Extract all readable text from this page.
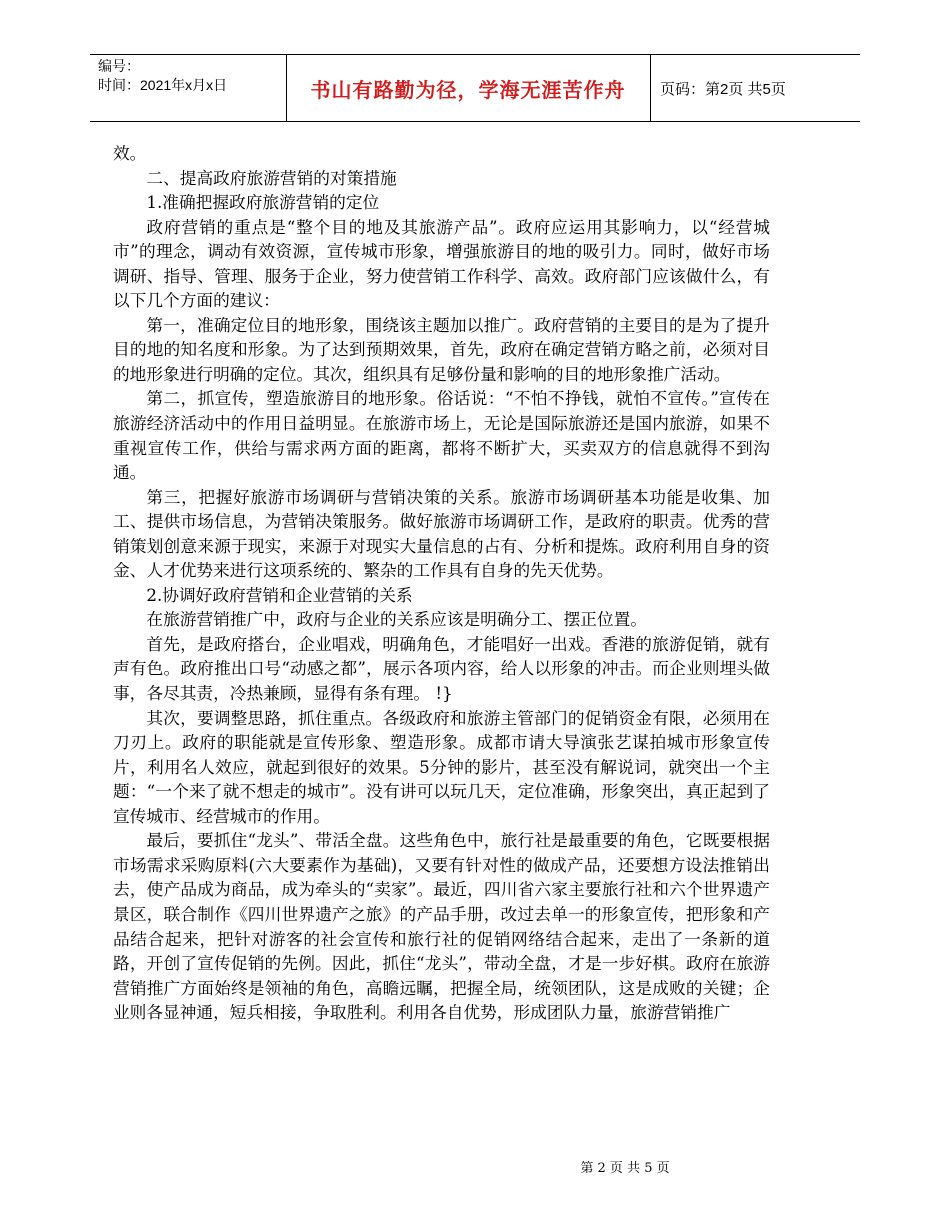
编号：
时间：2021年x月x日	书山有路勤为径，学海无涯苦作舟	页码：第2页 共5页

效。

二、提高政府旅游营销的对策措施

1.准确把握政府旅游营销的定位

政府营销的重点是“整个目的地及其旅游产品”。政府应运用其影响力，以“经营城市”的理念，调动有效资源，宣传城市形象，增强旅游目的地的吸引力。同时，做好市场调研、指导、管理、服务于企业，努力使营销工作科学、高效。政府部门应该做什么，有以下几个方面的建议：

第一，准确定位目的地形象，围绕该主题加以推广。政府营销的主要目的是为了提升目的地的知名度和形象。为了达到预期效果，首先，政府在确定营销方略之前，必须对目的地形象进行明确的定位。其次，组织具有足够份量和影响的目的地形象推广活动。

第二，抓宣传，塑造旅游目的地形象。俗话说：“不怕不挣钱，就怕不宣传。”宣传在旅游经济活动中的作用日益明显。在旅游市场上，无论是国际旅游还是国内旅游，如果不重视宣传工作，供给与需求两方面的距离，都将不断扩大，买卖双方的信息就得不到沟通。

第三，把握好旅游市场调研与营销决策的关系。旅游市场调研基本功能是收集、加工、提供市场信息，为营销决策服务。做好旅游市场调研工作，是政府的职责。优秀的营销策划创意来源于现实，来源于对现实大量信息的占有、分析和提炼。政府利用自身的资金、人才优势来进行这项系统的、繁杂的工作具有自身的先天优势。

2.协调好政府营销和企业营销的关系

在旅游营销推广中，政府与企业的关系应该是明确分工、摆正位置。

首先，是政府搭台，企业唱戏，明确角色，才能唱好一出戏。香港的旅游促销，就有声有色。政府推出口号“动感之都”，展示各项内容，给人以形象的冲击。而企业则埋头做事，各尽其责，冷热兼顾，显得有条有理。 !}

其次，要调整思路，抓住重点。各级政府和旅游主管部门的促销资金有限，必须用在刀刃上。政府的职能就是宣传形象、塑造形象。成都市请大导演张艺谋拍城市形象宣传片，利用名人效应，就起到很好的效果。5分钟的影片，甚至没有解说词，就突出一个主题：“一个来了就不想走的城市”。没有讲可以玩几天，定位准确，形象突出，真正起到了宣传城市、经营城市的作用。

最后，要抓住“龙头”、带活全盘。这些角色中，旅行社是最重要的角色，它既要根据市场需求采购原料(六大要素作为基础)，又要有针对性的做成产品，还要想方设法推销出去，使产品成为商品，成为牵头的“卖家”。最近，四川省六家主要旅行社和六个世界遗产景区，联合制作《四川世界遗产之旅》的产品手册，改过去单一的形象宣传，把形象和产品结合起来，把针对游客的社会宣传和旅行社的促销网络结合起来，走出了一条新的道路，开创了宣传促销的先例。因此，抓住“龙头”，带动全盘，才是一步好棋。政府在旅游营销推广方面始终是领袖的角色，高瞻远瞩，把握全局，统领团队，这是成败的关键；企业则各显神通，短兵相接，争取胜利。利用各自优势，形成团队力量，旅游营销推广

第 2 页 共 5 页
